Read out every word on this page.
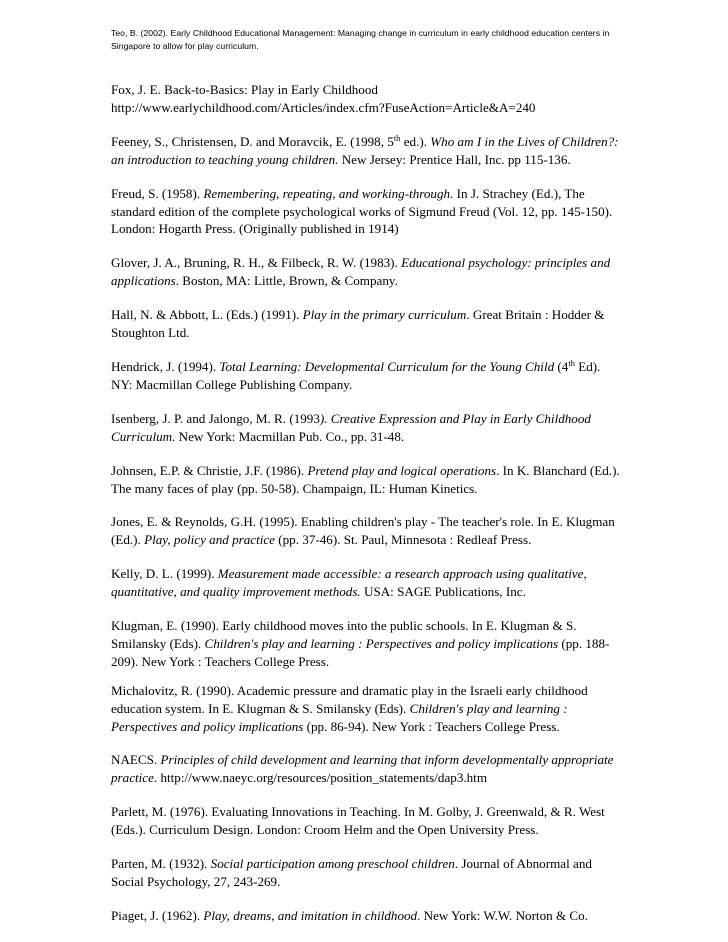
Teo, B. (2002). Early Childhood Educational Management: Managing change in curriculum in early childhood education centers in Singapore to allow for play curriculum.

Fox, J. E. Back-to-Basics: Play in Early Childhood http://www.earlychildhood.com/Articles/index.cfm?FuseAction=Article&A=240

Feeney, S., Christensen, D. and Moravcik, E. (1998, 5th ed.). Who am I in the Lives of Children?: an introduction to teaching young children. New Jersey: Prentice Hall, Inc. pp 115-136.

Freud, S. (1958). Remembering, repeating, and working-through. In J. Strachey (Ed.), The standard edition of the complete psychological works of Sigmund Freud (Vol. 12, pp. 145-150). London: Hogarth Press. (Originally published in 1914)

Glover, J. A., Bruning, R. H., & Filbeck, R. W. (1983). Educational psychology: principles and applications. Boston, MA: Little, Brown, & Company.

Hall, N. & Abbott, L. (Eds.) (1991). Play in the primary curriculum. Great Britain : Hodder & Stoughton Ltd.

Hendrick, J. (1994). Total Learning: Developmental Curriculum for the Young Child (4th Ed). NY: Macmillan College Publishing Company.

Isenberg, J. P. and Jalongo, M. R. (1993). Creative Expression and Play in Early Childhood Curriculum. New York: Macmillan Pub. Co., pp. 31-48.

Johnsen, E.P. & Christie, J.F. (1986). Pretend play and logical operations. In K. Blanchard (Ed.). The many faces of play (pp. 50-58). Champaign, IL: Human Kinetics.

Jones, E. & Reynolds, G.H. (1995). Enabling children's play - The teacher's role. In E. Klugman (Ed.). Play, policy and practice (pp. 37-46). St. Paul, Minnesota : Redleaf Press.

Kelly, D. L. (1999). Measurement made accessible: a research approach using qualitative, quantitative, and quality improvement methods. USA: SAGE Publications, Inc.

Klugman, E. (1990). Early childhood moves into the public schools. In E. Klugman & S. Smilansky (Eds). Children's play and learning : Perspectives and policy implications (pp. 188-209). New York : Teachers College Press.

Michalovitz, R. (1990). Academic pressure and dramatic play in the Israeli early childhood education system. In E. Klugman & S. Smilansky (Eds). Children's play and learning : Perspectives and policy implications (pp. 86-94). New York : Teachers College Press.

NAECS. Principles of child development and learning that inform developmentally appropriate practice. http://www.naeyc.org/resources/position_statements/dap3.htm

Parlett, M. (1976). Evaluating Innovations in Teaching. In M. Golby, J. Greenwald, & R. West (Eds.). Curriculum Design. London: Croom Helm and the Open University Press.

Parten, M. (1932). Social participation among preschool children. Journal of Abnormal and Social Psychology, 27, 243-269.

Piaget, J. (1962). Play, dreams, and imitation in childhood. New York: W.W. Norton & Co.
